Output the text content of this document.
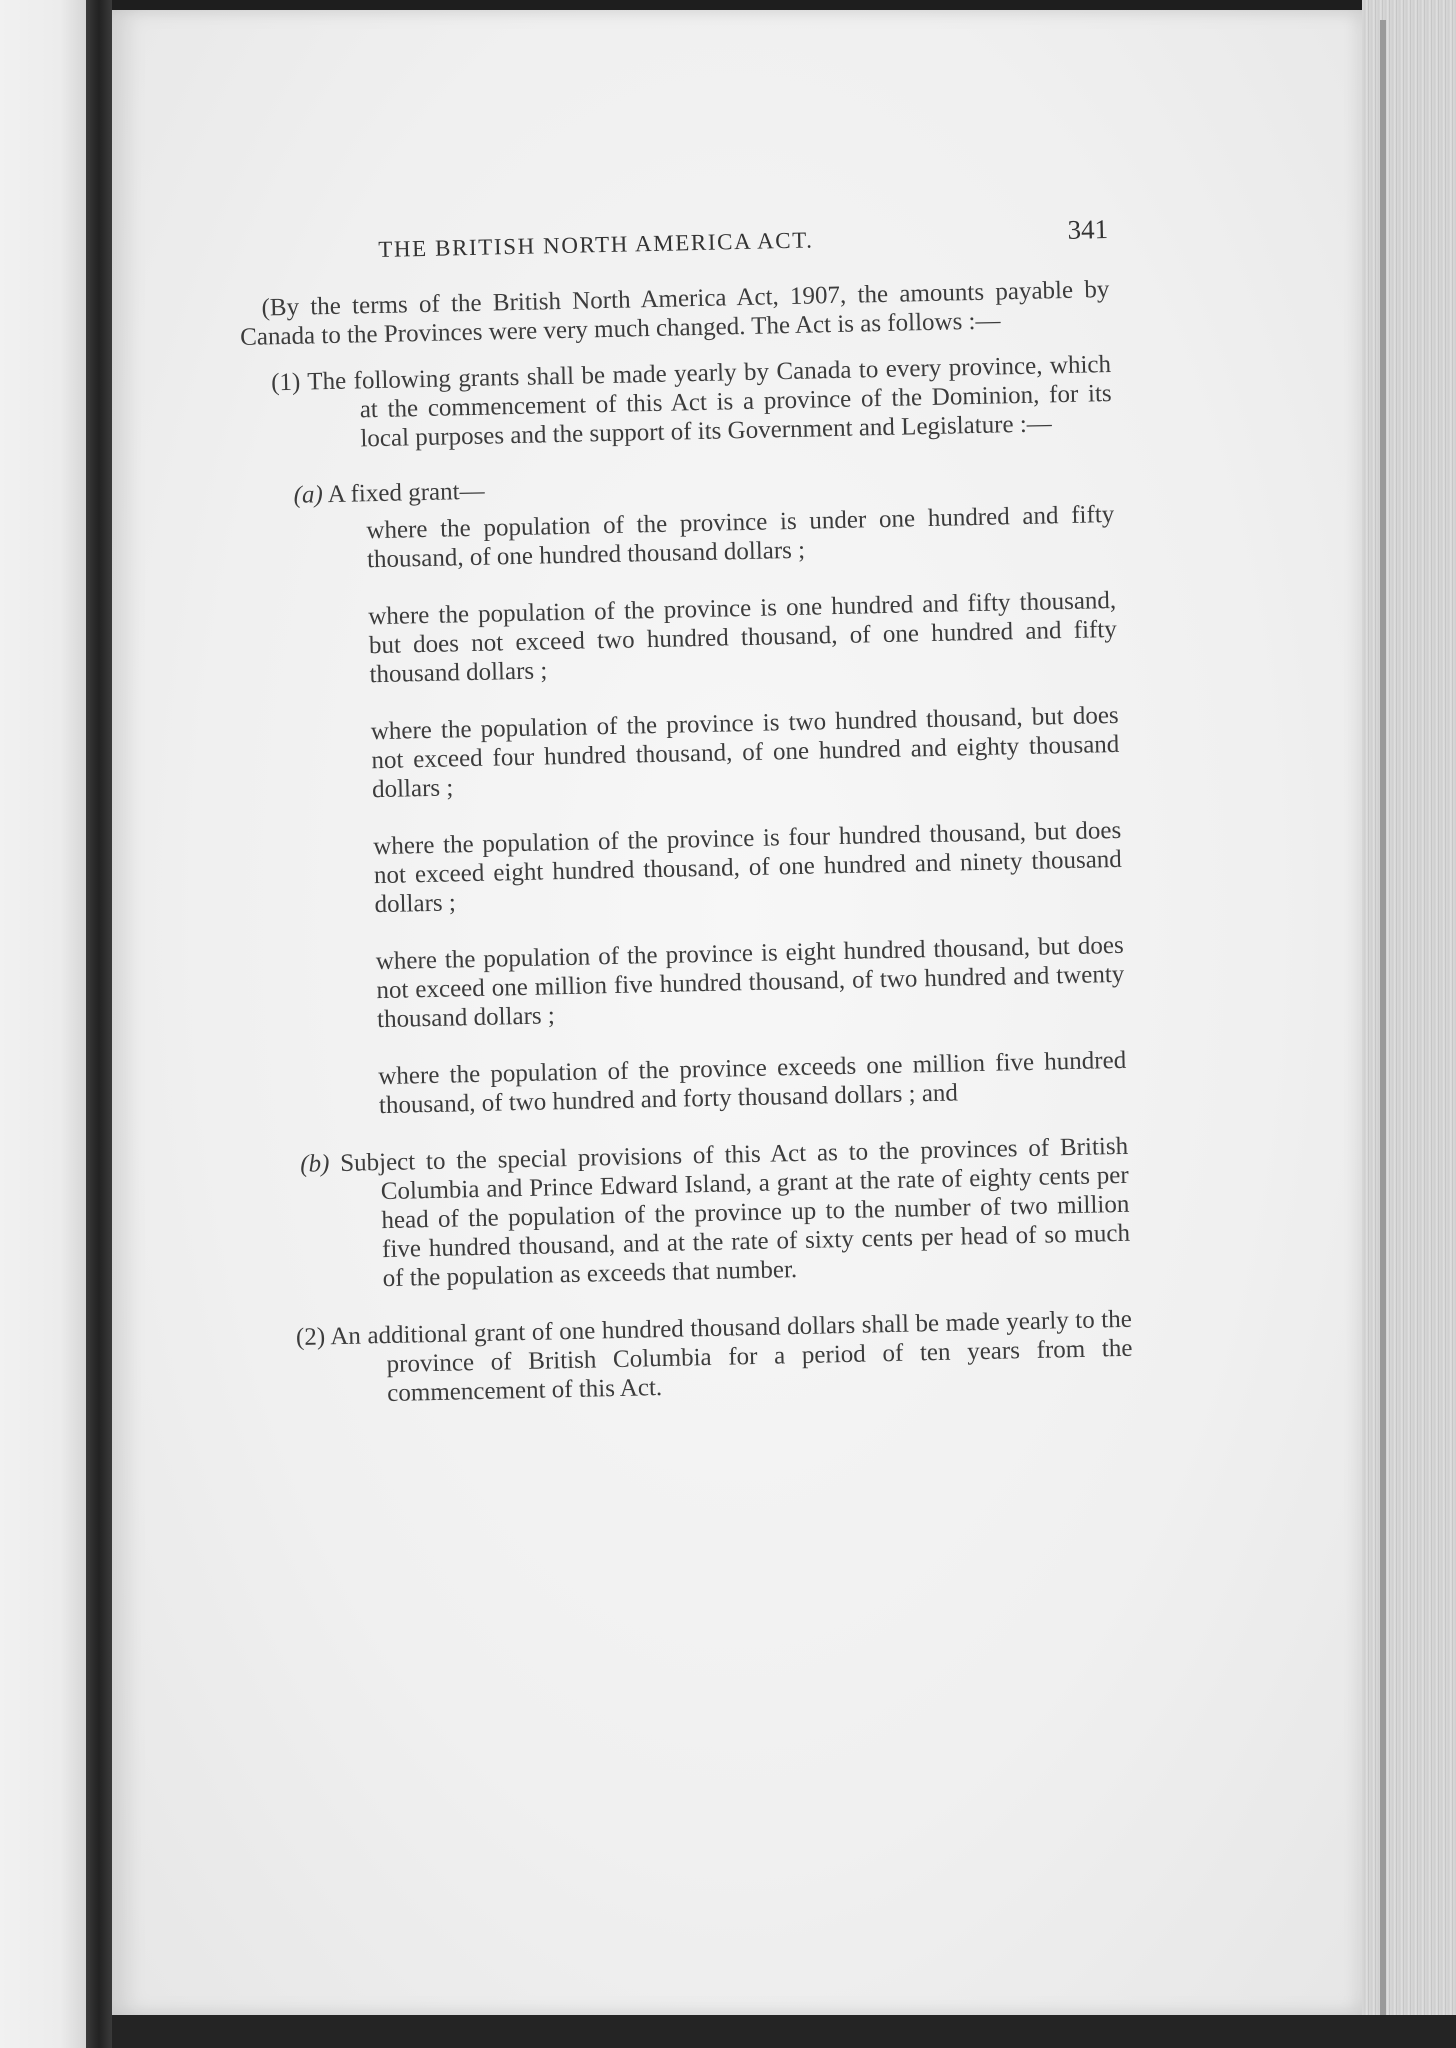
THE BRITISH NORTH AMERICA ACT.	341

(By the terms of the British North America Act, 1907, the amounts payable by Canada to the Provinces were very much changed. The Act is as follows :—

(1) The following grants shall be made yearly by Canada to every province, which at the commencement of this Act is a province of the Dominion, for its local purposes and the support of its Government and Legislature :—

(a) A fixed grant—

where the population of the province is under one hundred and fifty thousand, of one hundred thousand dollars ;

where the population of the province is one hundred and fifty thousand, but does not exceed two hundred thousand, of one hundred and fifty thousand dollars ;

where the population of the province is two hundred thousand, but does not exceed four hundred thousand, of one hundred and eighty thousand dollars ;

where the population of the province is four hundred thousand, but does not exceed eight hundred thousand, of one hundred and ninety thousand dollars ;

where the population of the province is eight hundred thousand, but does not exceed one million five hundred thousand, of two hundred and twenty thousand dollars ;

where the population of the province exceeds one million five hundred thousand, of two hundred and forty thousand dollars ; and

(b) Subject to the special provisions of this Act as to the provinces of British Columbia and Prince Edward Island, a grant at the rate of eighty cents per head of the population of the province up to the number of two million five hundred thousand, and at the rate of sixty cents per head of so much of the population as exceeds that number.

(2) An additional grant of one hundred thousand dollars shall be made yearly to the province of British Columbia for a period of ten years from the commencement of this Act.
